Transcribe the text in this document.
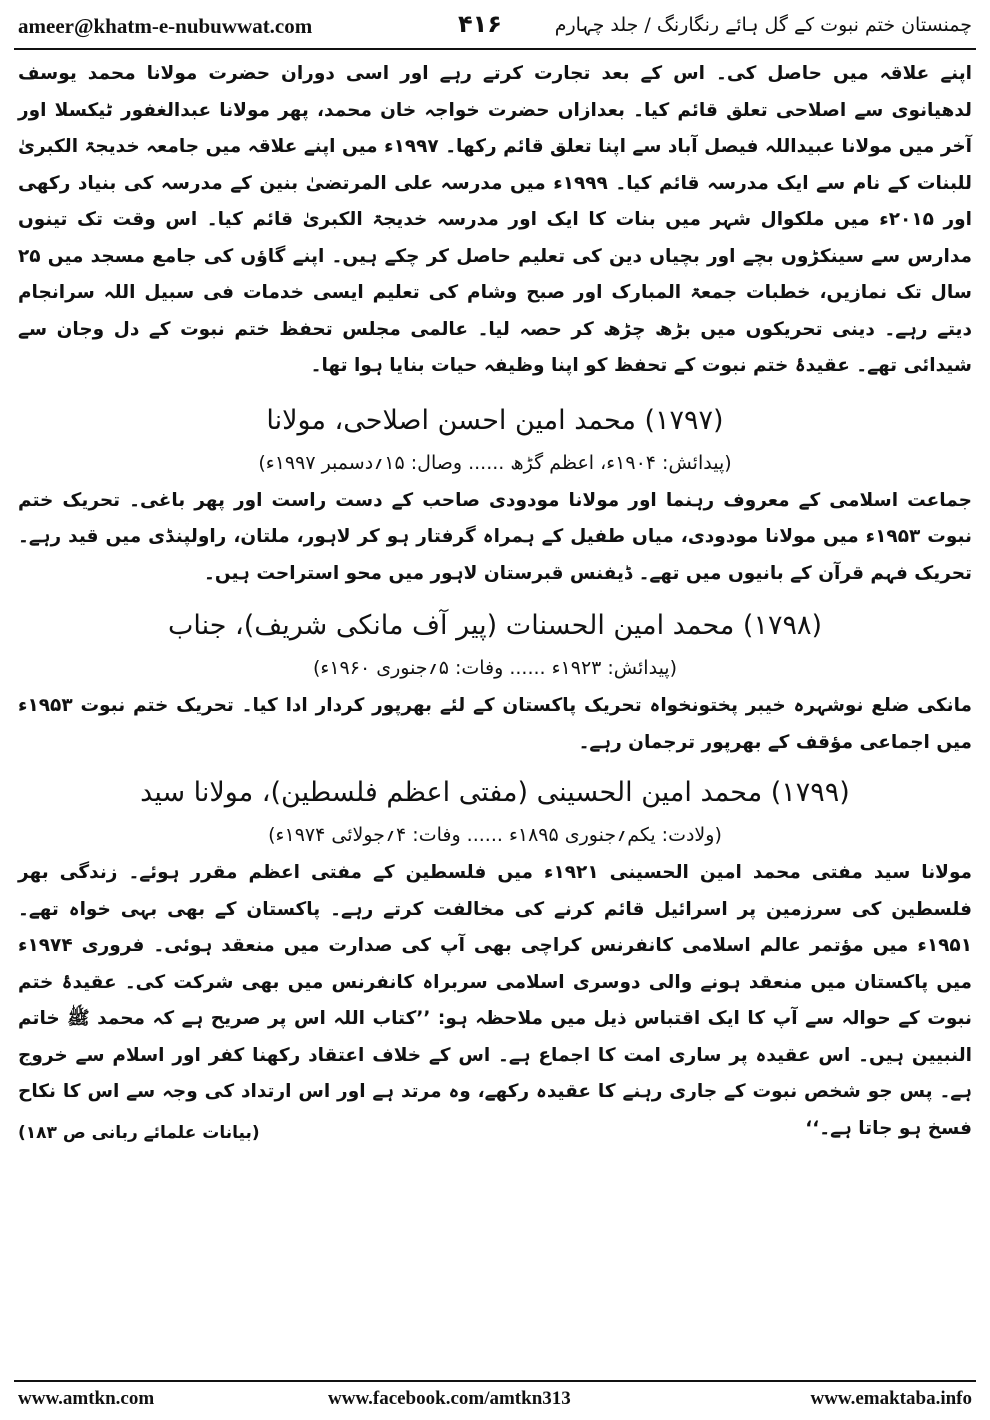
ameer@khatm-e-nubuwwat.com	۴۱۶	چمنستان ختم نبوت کے گل ہائے رنگارنگ / جلد چہارم

اپنے علاقہ میں حاصل کی۔ اس کے بعد تجارت کرتے رہے اور اسی دوران حضرت مولانا محمد یوسف لدھیانوی سے اصلاحی تعلق قائم کیا۔ بعدازاں حضرت خواجہ خان محمد، پھر مولانا عبدالغفور ٹیکسلا اور آخر میں مولانا عبیداللہ فیصل آباد سے اپنا تعلق قائم رکھا۔ ۱۹۹۷ء میں اپنے علاقہ میں جامعہ خدیجۃ الکبریٰ للبنات کے نام سے ایک مدرسہ قائم کیا۔ ۱۹۹۹ء میں مدرسہ علی المرتضیٰ بنین کے مدرسہ کی بنیاد رکھی اور ۲۰۱۵ء میں ملکوال شہر میں بنات کا ایک اور مدرسہ خدیجۃ الکبریٰ قائم کیا۔ اس وقت تک تینوں مدارس سے سینکڑوں بچے اور بچیاں دین کی تعلیم حاصل کر چکے ہیں۔ اپنے گاؤں کی جامع مسجد میں ۲۵ سال تک نمازیں، خطبات جمعۃ المبارک اور صبح وشام کی تعلیم ایسی خدمات فی سبیل اللہ سرانجام دیتے رہے۔ دینی تحریکوں میں بڑھ چڑھ کر حصہ لیا۔ عالمی مجلس تحفظ ختم نبوت کے دل وجان سے شیدائی تھے۔ عقیدۂ ختم نبوت کے تحفظ کو اپنا وظیفہ حیات بنایا ہوا تھا۔

(۱۷۹۷) محمد امین احسن اصلاحی، مولانا
(پیدائش: ۱۹۰۴ء، اعظم گڑھ ...... وصال: ۱۵؍دسمبر ۱۹۹۷ء)

جماعت اسلامی کے معروف رہنما اور مولانا مودودی صاحب کے دست راست اور پھر باغی۔ تحریک ختم نبوت ۱۹۵۳ء میں مولانا مودودی، میاں طفیل کے ہمراہ گرفتار ہو کر لاہور، ملتان، راولپنڈی میں قید رہے۔ تحریک فہم قرآن کے بانیوں میں تھے۔ ڈیفنس قبرستان لاہور میں محو استراحت ہیں۔

(۱۷۹۸) محمد امین الحسنات (پیر آف مانکی شریف)، جناب
(پیدائش: ۱۹۲۳ء ...... وفات: ۵؍جنوری ۱۹۶۰ء)

مانکی ضلع نوشہرہ خیبر پختونخواہ تحریک پاکستان کے لئے بھرپور کردار ادا کیا۔ تحریک ختم نبوت ۱۹۵۳ء میں اجماعی مؤقف کے بھرپور ترجمان رہے۔

(۱۷۹۹) محمد امین الحسینی (مفتی اعظم فلسطین)، مولانا سید
(ولادت: یکم؍جنوری ۱۸۹۵ء ...... وفات: ۴؍جولائی ۱۹۷۴ء)

مولانا سید مفتی محمد امین الحسینی ۱۹۲۱ء میں فلسطین کے مفتی اعظم مقرر ہوئے۔ زندگی بھر فلسطین کی سرزمین پر اسرائیل قائم کرنے کی مخالفت کرتے رہے۔ پاکستان کے بھی بہی خواہ تھے۔ ۱۹۵۱ء میں مؤتمر عالم اسلامی کانفرنس کراچی بھی آپ کی صدارت میں منعقد ہوئی۔ فروری ۱۹۷۴ء میں پاکستان میں منعقد ہونے والی دوسری اسلامی سربراہ کانفرنس میں بھی شرکت کی۔ عقیدۂ ختم نبوت کے حوالہ سے آپ کا ایک اقتباس ذیل میں ملاحظہ ہو: ’’کتاب اللہ اس پر صریح ہے کہ محمد ﷺ خاتم النبیین ہیں۔ اس عقیدہ پر ساری امت کا اجماع ہے۔ اس کے خلاف اعتقاد رکھنا کفر اور اسلام سے خروج ہے۔ پس جو شخص نبوت کے جاری رہنے کا عقیدہ رکھے، وہ مرتد ہے اور اس ارتداد کی وجہ سے اس کا نکاح فسخ ہو جاتا ہے۔‘‘

(بیانات علمائے ربانی ص ۱۸۳)
www.amtkn.com	www.facebook.com/amtkn313	www.emaktaba.info
